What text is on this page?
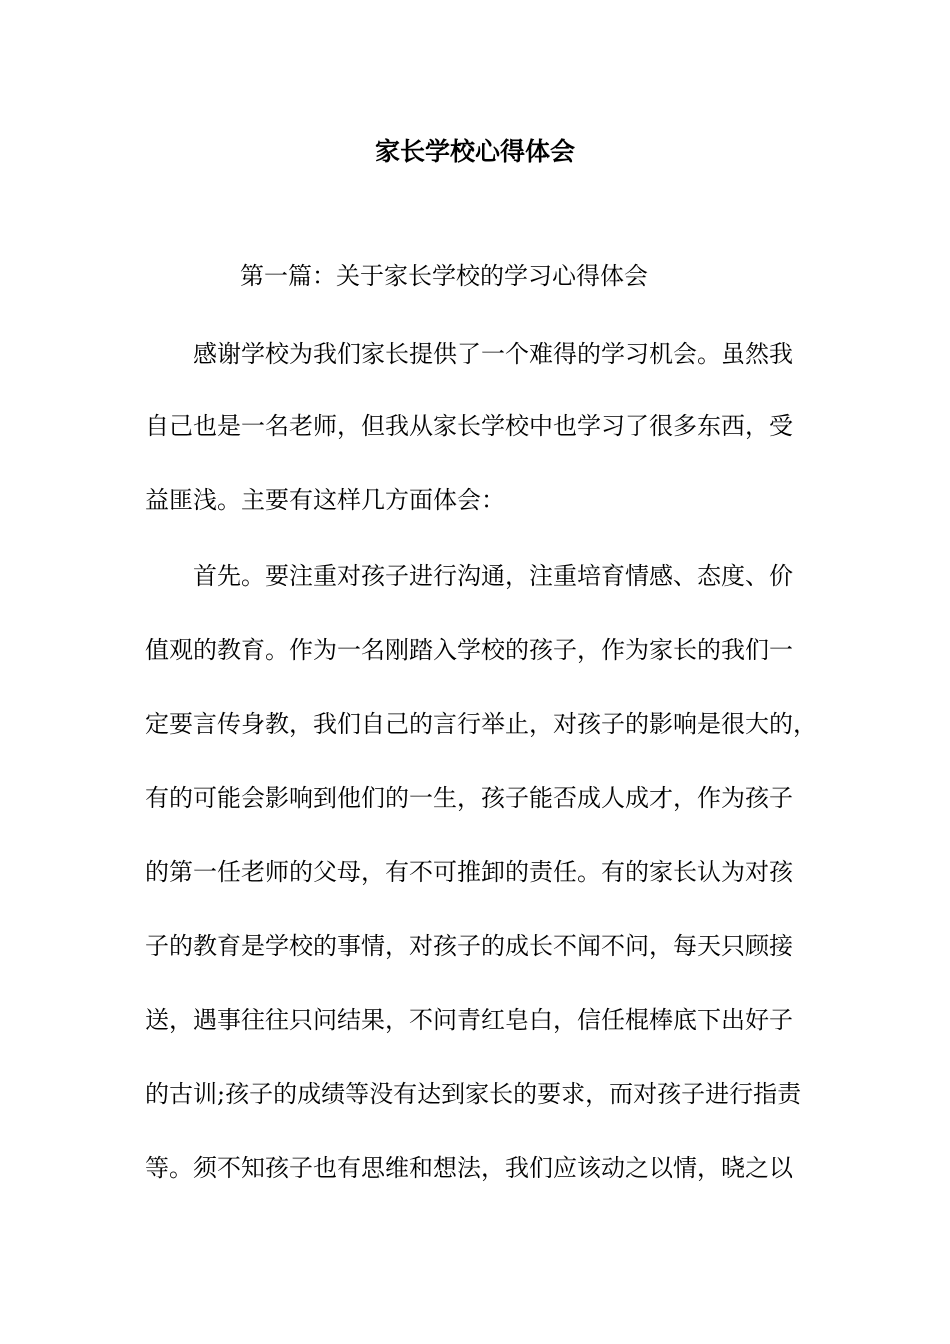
家长学校心得体会
第一篇：关于家长学校的学习心得体会
感谢学校为我们家长提供了一个难得的学习机会。虽然我
自己也是一名老师，但我从家长学校中也学习了很多东西，受
益匪浅。主要有这样几方面体会：
首先。要注重对孩子进行沟通，注重培育情感、态度、价
值观的教育。作为一名刚踏入学校的孩子，作为家长的我们一
定要言传身教，我们自己的言行举止，对孩子的影响是很大的，
有的可能会影响到他们的一生，孩子能否成人成才，作为孩子
的第一任老师的父母，有不可推卸的责任。有的家长认为对孩
子的教育是学校的事情，对孩子的成长不闻不问，每天只顾接
送，遇事往往只问结果，不问青红皂白，信任棍棒底下出好子
的古训;孩子的成绩等没有达到家长的要求，而对孩子进行指责
等。须不知孩子也有思维和想法，我们应该动之以情，晓之以
